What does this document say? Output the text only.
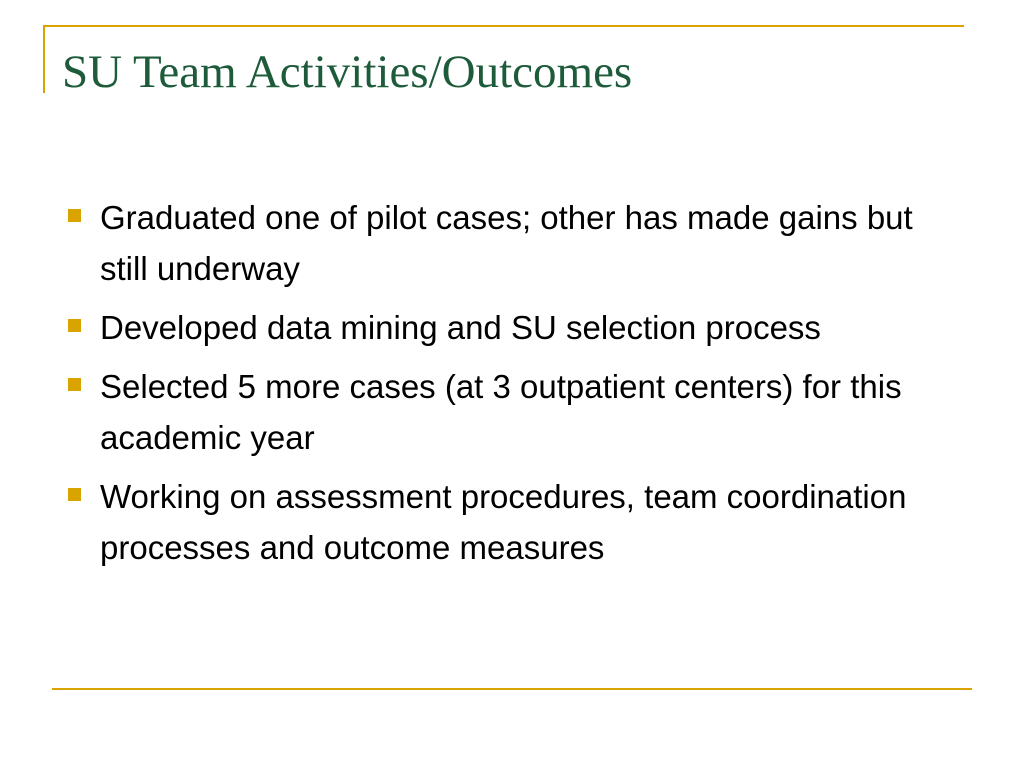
SU Team Activities/Outcomes
Graduated one of pilot cases; other has made gains but still underway
Developed data mining and SU selection process
Selected 5 more cases (at 3 outpatient centers) for this academic year
Working on assessment procedures, team coordination processes and outcome measures
